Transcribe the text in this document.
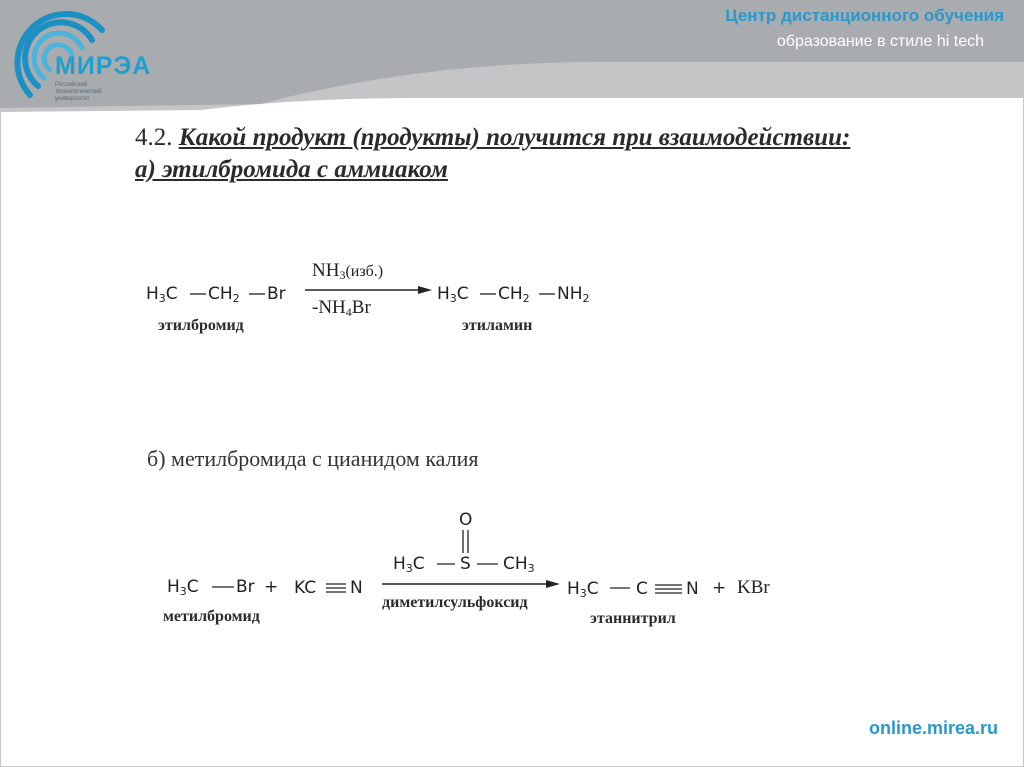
МИРЭА
Российский
технологический
университет
Центр дистанционного обучения
образование в стиле hi tech
4.2. Какой продукт (продукты) получится при взаимодействии:
а) этилбромида с аммиаком
$H_3C$ $CH_2$ Br
этилбромид
$NH_3(изб.)$
$-NH_4Br$
$H_3C$ $CH_2$ $NH_2$
этиламин
б) метилбромида с цианидом калия
$H_3C$ Br + KC N
метилбромид
O
$H_3C$ S $CH_3$
диметилсульфоксид
$H_3C$ C N + KBr
этаннитрил
online.mirea.ru
